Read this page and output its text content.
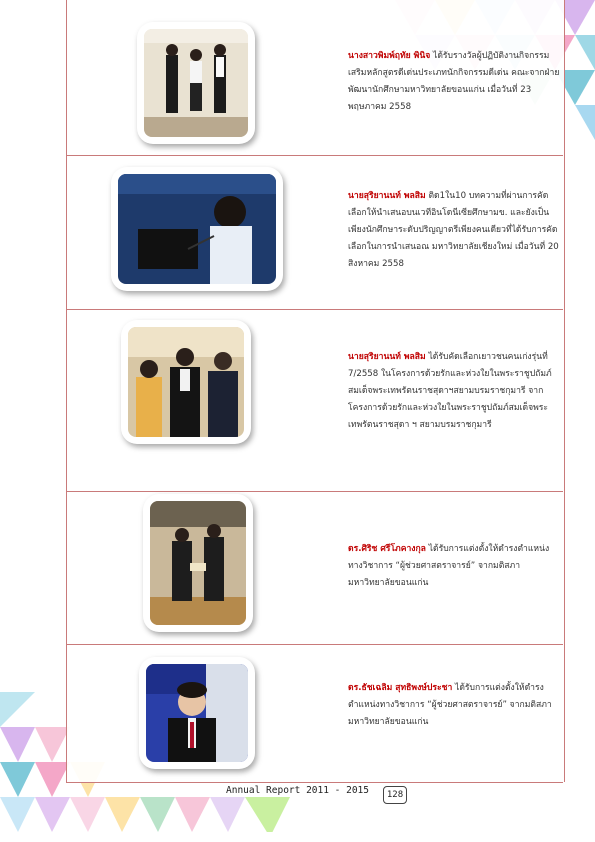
นางสาวพิมพ์ฤทัย พินิจ ได้รับรางวัลผู้ปฏิบัติงานกิจกรรมเสริมหลักสูตรดีเด่นประเภทนักกิจกรรมดีเด่น คณะจากฝ่ายพัฒนานักศึกษามหาวิทยาลัยขอนแก่น เมื่อวันที่ 23 พฤษภาคม 2558
นายสุริยานนท์ พลสิม ติด1ใน10 บทความที่ผ่านการคัดเลือกให้นำเสนอบนเวทีอินโดนีเซียศึกษามข. และยังเป็นเพียงนักศึกษาระดับปริญญาตรีเพียงคนเดียวที่ได้รับการคัดเลือกในการนำเสนอณ มหาวิทยาลัยเชียงใหม่ เมื่อวันที่ 20 สิงหาคม 2558
นายสุริยานนท์ พลสิม ได้รับคัดเลือกเยาวชนคนเก่งรุ่นที่ 7/2558 ในโครงการด้วยรักและห่วงใยในพระราชูปถัมภ์สมเด็จพระเทพรัตนราชสุดาฯสยามบรมราชกุมารี จากโครงการด้วยรักและห่วงใยในพระราชูปถัมภ์สมเด็จพระเทพรัตนราชสุดา ฯ สยามบรมราชกุมารี
ดร.ศิริช ศรีโภคางกุล ได้รับการแต่งตั้งให้ดำรงตำแหน่งทางวิชาการ “ผู้ช่วยศาสตราจารย์” จากมติสภามหาวิทยาลัยขอนแก่น
ดร.ธัชเฉลิม สุทธิพงษ์ประชา ได้รับการแต่งตั้งให้ดำรงตำแหน่งทางวิชาการ “ผู้ช่วยศาสตราจารย์” จากมติสภามหาวิทยาลัยขอนแก่น
Annual Report 2011 - 2015	128
